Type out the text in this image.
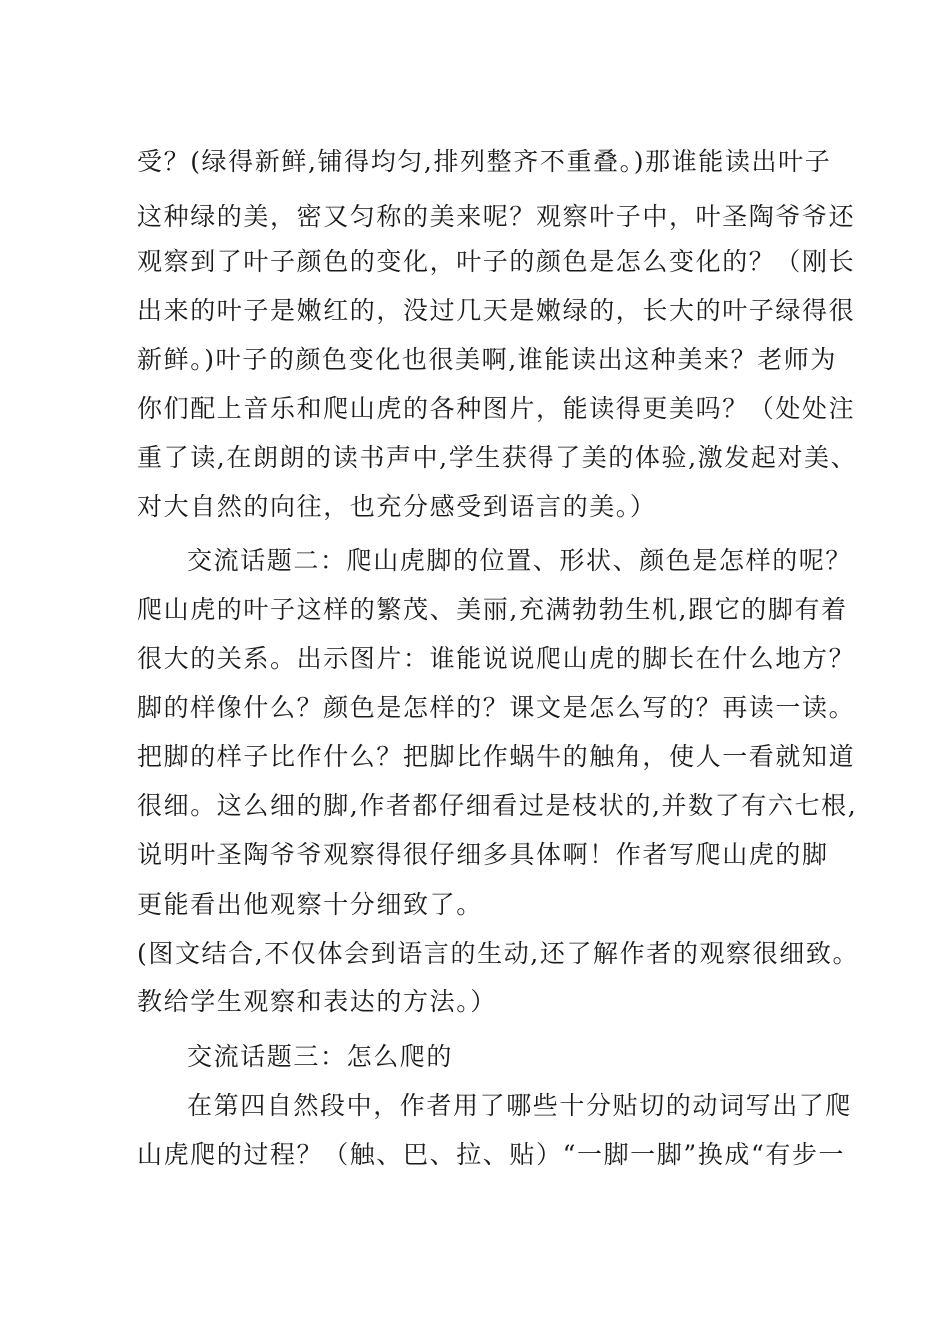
受？(绿得新鲜,铺得均匀,排列整齐不重叠。)那谁能读出叶子
这种绿的美，密又匀称的美来呢？观察叶子中，叶圣陶爷爷还
观察到了叶子颜色的变化，叶子的颜色是怎么变化的？（刚长
出来的叶子是嫩红的，没过几天是嫩绿的，长大的叶子绿得很
新鲜。)叶子的颜色变化也很美啊,谁能读出这种美来？老师为
你们配上音乐和爬山虎的各种图片，能读得更美吗？（处处注
重了读,在朗朗的读书声中,学生获得了美的体验,激发起对美、
对大自然的向往，也充分感受到语言的美。）
交流话题二：爬山虎脚的位置、形状、颜色是怎样的呢？
爬山虎的叶子这样的繁茂、美丽,充满勃勃生机,跟它的脚有着
很大的关系。出示图片：谁能说说爬山虎的脚长在什么地方？
脚的样像什么？颜色是怎样的？课文是怎么写的？再读一读。
把脚的样子比作什么？把脚比作蜗牛的触角，使人一看就知道
很细。这么细的脚,作者都仔细看过是枝状的,并数了有六七根,
说明叶圣陶爷爷观察得很仔细多具体啊！作者写爬山虎的脚
更能看出他观察十分细致了。
(图文结合,不仅体会到语言的生动,还了解作者的观察很细致。
教给学生观察和表达的方法。）
交流话题三：怎么爬的
在第四自然段中，作者用了哪些十分贴切的动词写出了爬
山虎爬的过程？（触、巴、拉、贴）“一脚一脚”换成“有步一
